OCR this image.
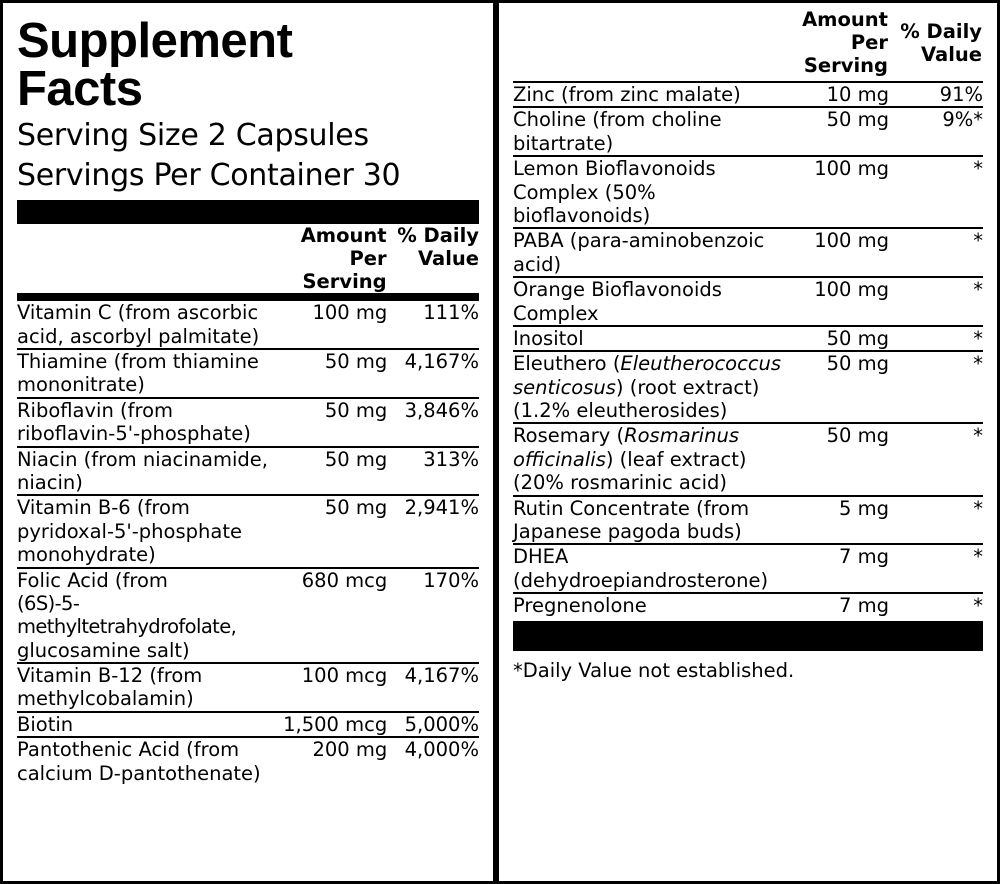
Supplement
Facts
Serving Size 2 Capsules
Servings Per Container 30

Amount Per
Serving

% Daily
Value
Vitamin C (from ascorbic
acid, ascorbyl palmitate)	100 mg	111%

Thiamine (from thiamine
mononitrate)	50 mg	4,167%

Riboflavin (from
riboflavin-5'-phosphate)	50 mg	3,846%

Niacin (from niacinamide,
niacin)	50 mg	313%

Vitamin B-6 (from
pyridoxal-5'-phosphate
monohydrate)	50 mg	2,941%

Folic Acid (from
(6S)-5-methyltetrahydrofolate,
glucosamine salt)	680 mcg	170%

Vitamin B-12 (from
methylcobalamin)	100 mcg	4,167%

Biotin	1,500 mcg	5,000%

Pantothenic Acid (from
calcium D-pantothenate)	200 mg	4,000%

Amount Per
Serving

% Daily
Value
Zinc (from zinc malate)	10 mg	91%

Choline (from choline
bitartrate)	50 mg	9%*

Lemon Bioflavonoids
Complex (50%
bioflavonoids)	100 mg	*

PABA (para-aminobenzoic
acid)	100 mg	*

Orange Bioflavonoids
Complex	100 mg	*

Inositol	50 mg	*

Eleuthero (Eleutherococcus
senticosus) (root extract)
(1.2% eleutherosides)	50 mg	*

Rosemary (Rosmarinus
officinalis) (leaf extract)
(20% rosmarinic acid)	50 mg	*

Rutin Concentrate (from
Japanese pagoda buds)	5 mg	*

DHEA
(dehydroepiandrosterone)	7 mg	*

Pregnenolone	7 mg	*
*Daily Value not established.
